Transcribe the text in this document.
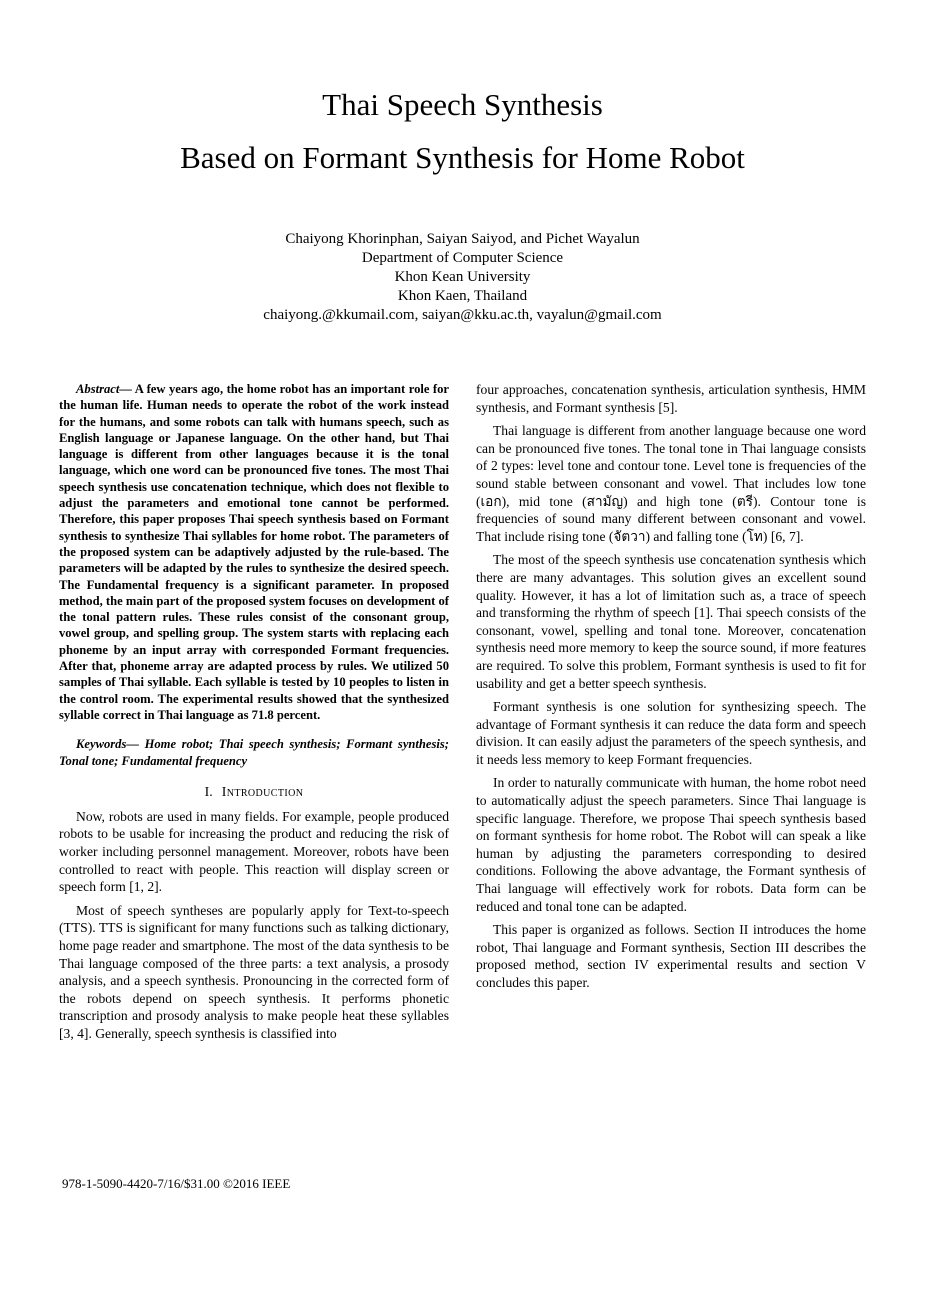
Thai Speech Synthesis
Based on Formant Synthesis for Home Robot

Chaiyong Khorinphan, Saiyan Saiyod, and Pichet Wayalun

Department of Computer Science

Khon Kean University

Khon Kaen, Thailand

chaiyong.@kkumail.com, saiyan@kku.ac.th, vayalun@gmail.com

Abstract— A few years ago, the home robot has an important role for the human life. Human needs to operate the robot of the work instead for the humans, and some robots can talk with humans speech, such as English language or Japanese language. On the other hand, but Thai language is different from other languages because it is the tonal language, which one word can be pronounced five tones. The most Thai speech synthesis use concatenation technique, which does not flexible to adjust the parameters and emotional tone cannot be performed. Therefore, this paper proposes Thai speech synthesis based on Formant synthesis to synthesize Thai syllables for home robot. The parameters of the proposed system can be adaptively adjusted by the rule-based. The parameters will be adapted by the rules to synthesize the desired speech. The Fundamental frequency is a significant parameter. In proposed method, the main part of the proposed system focuses on development of the tonal pattern rules. These rules consist of the consonant group, vowel group, and spelling group. The system starts with replacing each phoneme by an input array with corresponded Formant frequencies. After that, phoneme array are adapted process by rules. We utilized 50 samples of Thai syllable. Each syllable is tested by 10 peoples to listen in the control room. The experimental results showed that the synthesized syllable correct in Thai language as 71.8 percent.

Keywords— Home robot; Thai speech synthesis; Formant synthesis; Tonal tone; Fundamental frequency

I. Introduction

Now, robots are used in many fields. For example, people produced robots to be usable for increasing the product and reducing the risk of worker including personnel management. Moreover, robots have been controlled to react with people. This reaction will display screen or speech form [1, 2].

Most of speech syntheses are popularly apply for Text-to-speech (TTS). TTS is significant for many functions such as talking dictionary, home page reader and smartphone. The most of the data synthesis to be Thai language composed of the three parts: a text analysis, a prosody analysis, and a speech synthesis. Pronouncing in the corrected form of the robots depend on speech synthesis. It performs phonetic transcription and prosody analysis to make people heat these syllables [3, 4]. Generally, speech synthesis is classified into

four approaches, concatenation synthesis, articulation synthesis, HMM synthesis, and Formant synthesis [5].

Thai language is different from another language because one word can be pronounced five tones. The tonal tone in Thai language consists of 2 types: level tone and contour tone. Level tone is frequencies of the sound stable between consonant and vowel. That includes low tone (เอก), mid tone (สามัญ) and high tone (ตรี). Contour tone is frequencies of sound many different between consonant and vowel. That include rising tone (จัตวา) and falling tone (โท) [6, 7].

The most of the speech synthesis use concatenation synthesis which there are many advantages. This solution gives an excellent sound quality. However, it has a lot of limitation such as, a trace of speech and transforming the rhythm of speech [1]. Thai speech consists of the consonant, vowel, spelling and tonal tone. Moreover, concatenation synthesis need more memory to keep the source sound, if more features are required. To solve this problem, Formant synthesis is used to fit for usability and get a better speech synthesis.

Formant synthesis is one solution for synthesizing speech. The advantage of Formant synthesis it can reduce the data form and speech division. It can easily adjust the parameters of the speech synthesis, and it needs less memory to keep Formant frequencies.

In order to naturally communicate with human, the home robot need to automatically adjust the speech parameters. Since Thai language is specific language. Therefore, we propose Thai speech synthesis based on formant synthesis for home robot. The Robot will can speak a like human by adjusting the parameters corresponding to desired conditions. Following the above advantage, the Formant synthesis of Thai language will effectively work for robots. Data form can be reduced and tonal tone can be adapted.

This paper is organized as follows. Section II introduces the home robot, Thai language and Formant synthesis, Section III describes the proposed method, section IV experimental results and section V concludes this paper.

978-1-5090-4420-7/16/$31.00 ©2016 IEEE
